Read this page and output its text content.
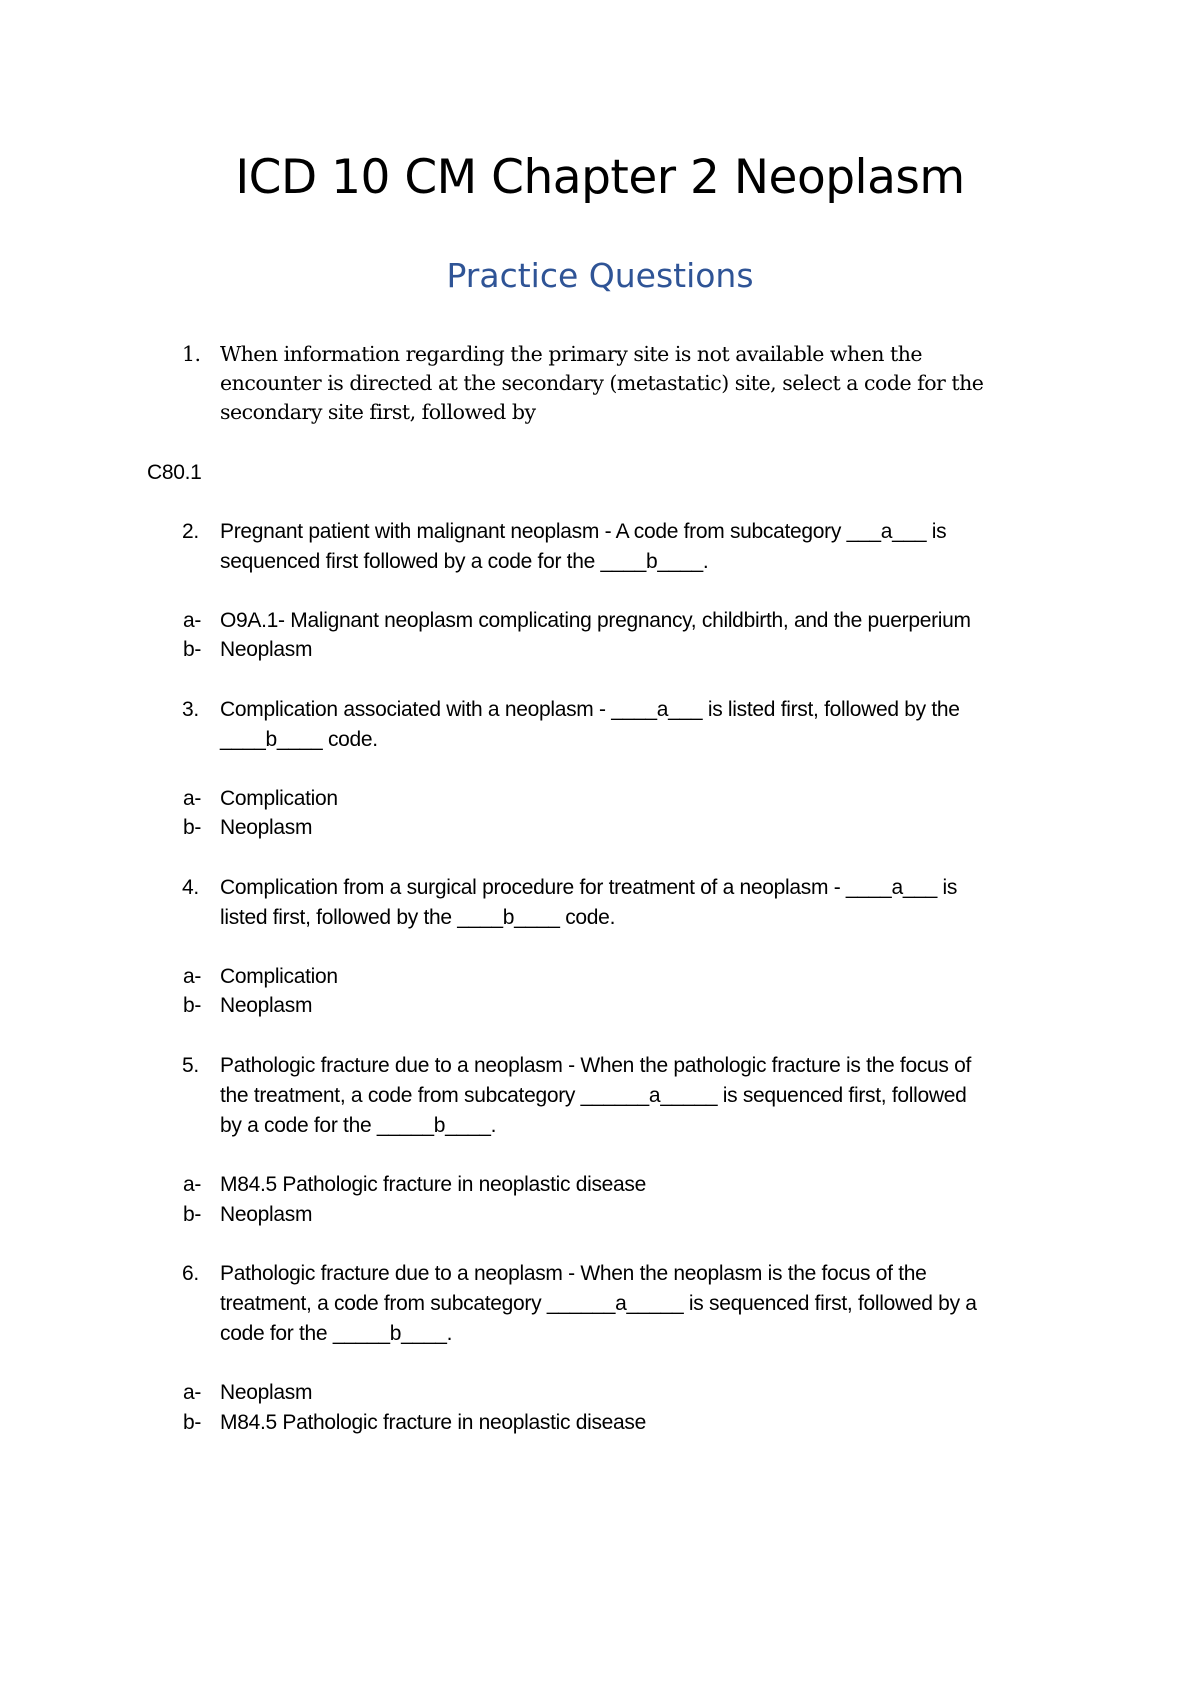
ICD 10 CM Chapter 2 Neoplasm
Practice Questions
1. When information regarding the primary site is not available when the
encounter is directed at the secondary (metastatic) site, select a code for the
secondary site first, followed by
C80.1
2. Pregnant patient with malignant neoplasm - A code from subcategory ___a___ is
sequenced first followed by a code for the ____b____.
a- O9A.1- Malignant neoplasm complicating pregnancy, childbirth, and the puerperium
b- Neoplasm
3. Complication associated with a neoplasm - ____a___ is listed first, followed by the
____b____ code.
a- Complication
b- Neoplasm
4. Complication from a surgical procedure for treatment of a neoplasm - ____a___ is
listed first, followed by the ____b____ code.
a- Complication
b- Neoplasm
5. Pathologic fracture due to a neoplasm - When the pathologic fracture is the focus of
the treatment, a code from subcategory ______a_____ is sequenced first, followed
by a code for the _____b____.
a- M84.5 Pathologic fracture in neoplastic disease
b- Neoplasm
6. Pathologic fracture due to a neoplasm - When the neoplasm is the focus of the
treatment, a code from subcategory ______a_____ is sequenced first, followed by a
code for the _____b____.
a- Neoplasm
b- M84.5 Pathologic fracture in neoplastic disease
